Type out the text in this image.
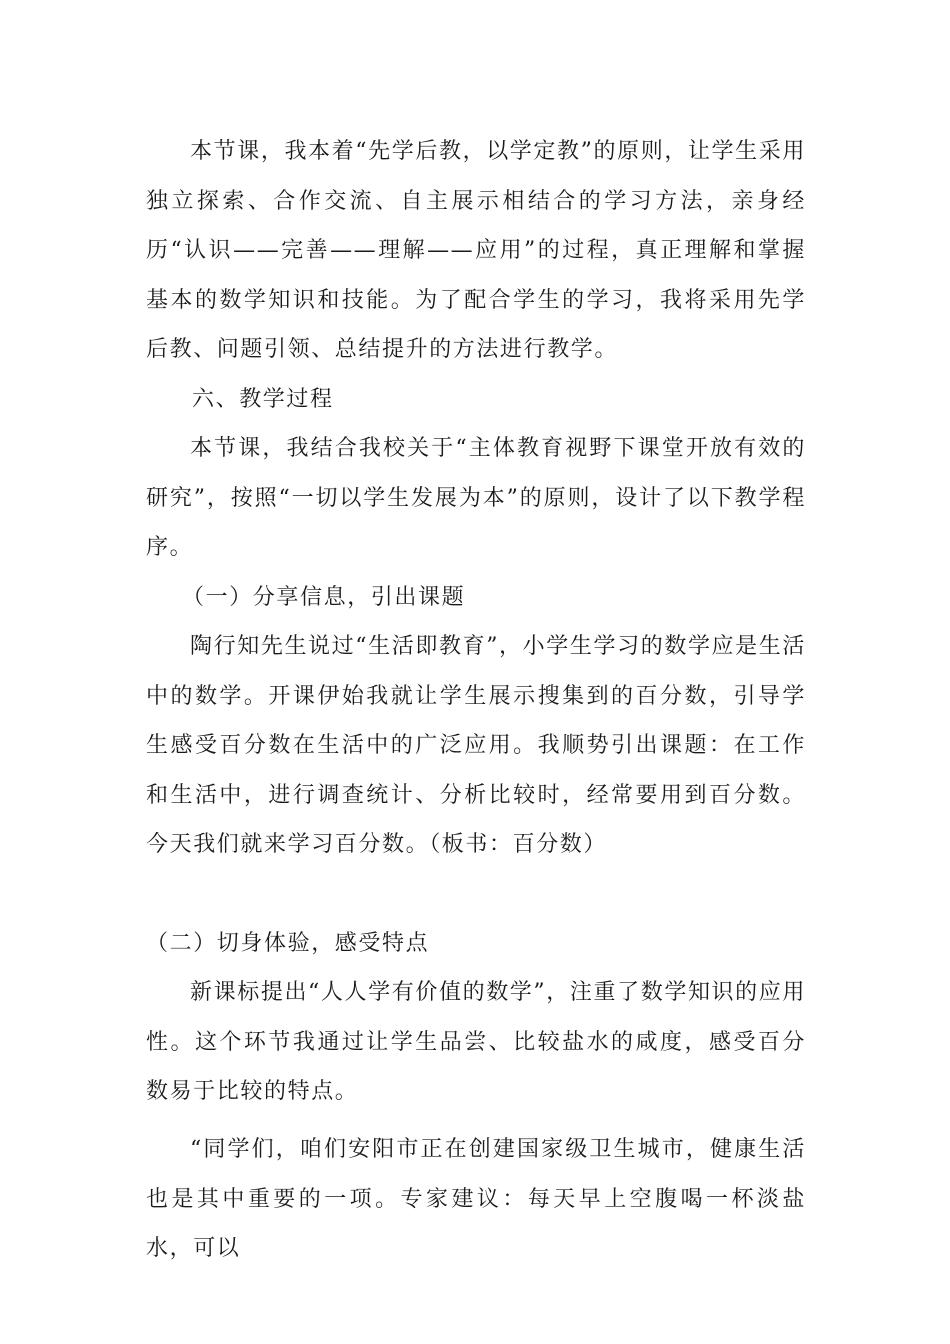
本节课，我本着“先学后教，以学定教”的原则，让学生采用独立探索、合作交流、自主展示相结合的学习方法，亲身经历“认识——完善——理解——应用”的过程，真正理解和掌握基本的数学知识和技能。为了配合学生的学习，我将采用先学后教、问题引领、总结提升的方法进行教学。

六、教学过程

本节课，我结合我校关于“主体教育视野下课堂开放有效的研究”，按照“一切以学生发展为本”的原则，设计了以下教学程序。

（一）分享信息，引出课题

陶行知先生说过“生活即教育”，小学生学习的数学应是生活中的数学。开课伊始我就让学生展示搜集到的百分数，引导学生感受百分数在生活中的广泛应用。我顺势引出课题：在工作和生活中，进行调查统计、分析比较时，经常要用到百分数。今天我们就来学习百分数。（板书：百分数）

（二）切身体验，感受特点

新课标提出“人人学有价值的数学”，注重了数学知识的应用性。这个环节我通过让学生品尝、比较盐水的咸度，感受百分数易于比较的特点。

“同学们，咱们安阳市正在创建国家级卫生城市，健康生活也是其中重要的一项。专家建议：每天早上空腹喝一杯淡盐水，可以
